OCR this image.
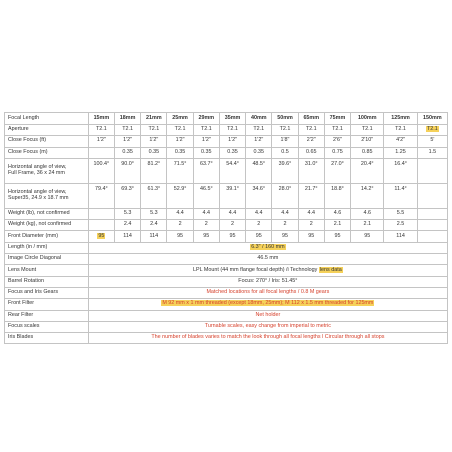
Focal Length	15mm	18mm	21mm	25mm	29mm	35mm	40mm	50mm	65mm	75mm	100mm	125mm	150mm
Aperture	T2.1	T2.1	T2.1	T2.1	T2.1	T2.1	T2.1	T2.1	T2.1	T2.1	T2.1	T2.1	T2.1
Close Focus (ft)	1'2"	1'2"	1'2"	1'2"	1'2"	1'2"	1'2"	1'8"	2'2"	2'6"	2'10"	4'2"	5'
Close Focus (m)		0.35	0.35	0.35	0.35	0.35	0.35	0.5	0.65	0.75	0.85	1.25	1.5
Horizontal angle of view,
Full Frame, 36 x 24 mm	100.4°	90.0°	81.2°	71.5°	63.7°	54.4°	48.5°	39.6°	31.0°	27.0°	20.4°	16.4°	
Horizontal angle of view,
Super35, 24.9 x 18.7 mm	79.4°	69.3°	61.3°	52.9°	46.5°	39.1°	34.6°	28.0°	21.7°	18.8°	14.2°	11.4°	
Weight (lb), not confirmed		5.3	5.3	4.4	4.4	4.4	4.4	4.4	4.4	4.6	4.6	5.5	
Weight (kg), not confirmed		2.4	2.4	2	2	2	2	2	2	2.1	2.1	2.5	
Front Diameter (mm)	95	114	114	95	95	95	95	95	95	95	95	114	
Length (in / mm)	6.3" / 160 mm												
Image Circle Diagonal	46.5 mm												
Lens Mount	LPL Mount (44 mm flange focal depth) /i Technology lens data												
Barrel Rotation	Focus: 270° / Iris: 51.45°												
Focus and Iris Gears	Matched locations for all focal lengths / 0.8 M gears												
Front Filter	M 92 mm x 1 mm threaded (except 18mm, 25mm); M 112 x 1.5 mm threaded for 125mm												
Rear Filter	Net holder												
Focus scales	Turnable scales, easy change from imperial to metric												
Iris Blades	The number of blades varies to match the look through all focal lengths l Circular through all stops												
